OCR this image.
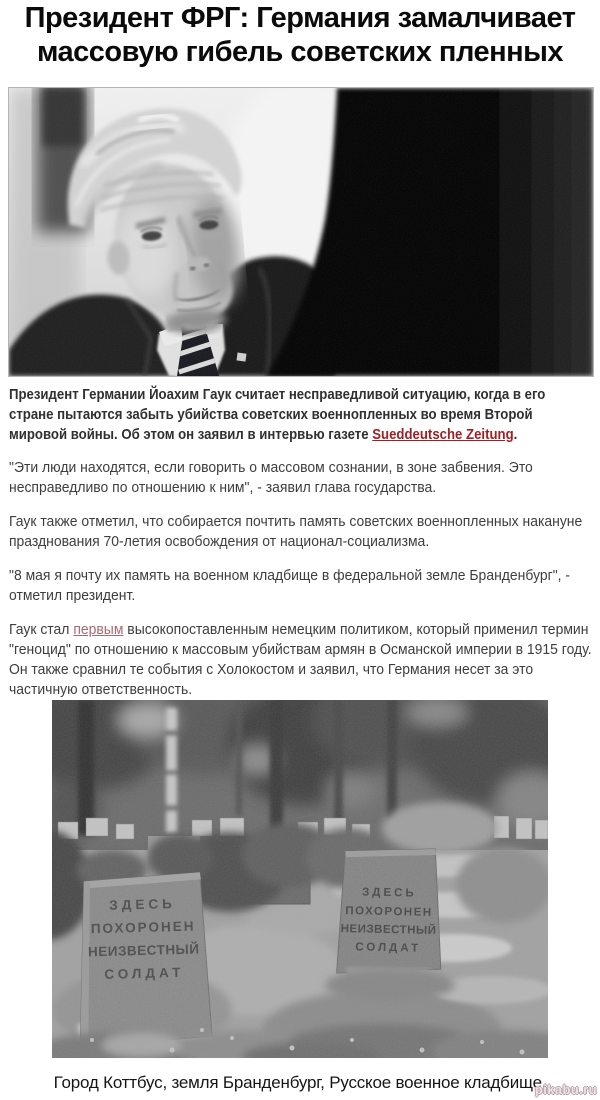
Президент ФРГ: Германия замалчивает
массовую гибель советских пленных

Президент Германии Йоахим Гаук считает несправедливой ситуацию, когда в его стране пытаются забыть убийства советских военнопленных во время Второй мировой войны. Об этом он заявил в интервью газете Sueddeutsche Zeitung.

"Эти люди находятся, если говорить о массовом сознании, в зоне забвения. Это несправедливо по отношению к ним", - заявил глава государства.

Гаук также отметил, что собирается почтить память советских военнопленных накануне празднования 70-летия освобождения от национал-социализма.

"8 мая я почту их память на военном кладбище в федеральной земле Бранденбург", - отметил президент.

Гаук стал первым высокопоставленным немецким политиком, который применил термин "геноцид" по отношению к массовым убийствам армян в Османской империи в 1915 году. Он также сравнил те события с Холокостом и заявил, что Германия несет за это частичную ответственность.

ЗДЕСЬ
ПОХОРОНЕН
НЕИЗВЕСТНЫЙ
СОЛДАТ
ЗДЕСЬ
ПОХОРОНЕН
НЕИЗВЕСТНЫЙ
СОЛДАТ
Город Коттбус, земля Бранденбург, Русское военное кладбище.
pikabu.ru
